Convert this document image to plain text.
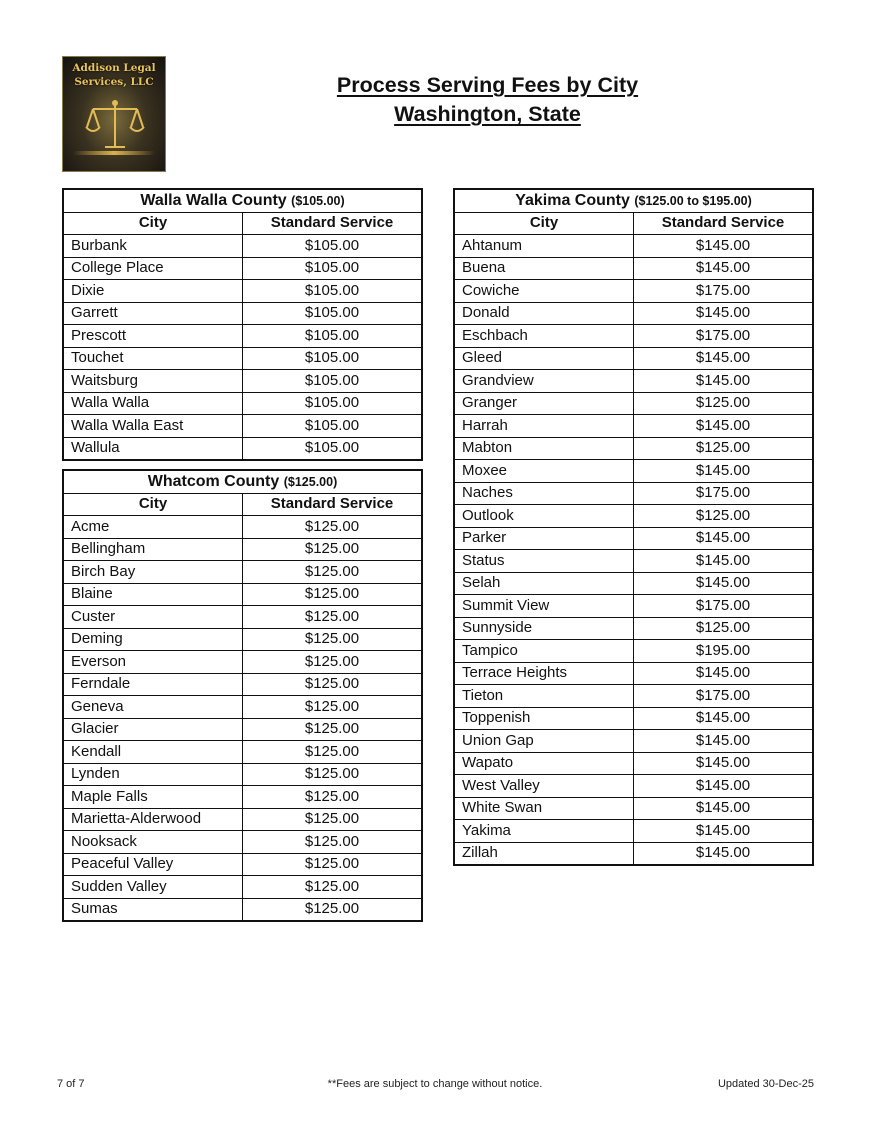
Addison Legal
Services, LLC	Process Serving Fees by City
Washington, State
Walla Walla County ($105.00)	
City	Standard Service
Burbank	$105.00
College Place	$105.00
Dixie	$105.00
Garrett	$105.00
Prescott	$105.00
Touchet	$105.00
Waitsburg	$105.00
Walla Walla	$105.00
Walla Walla East	$105.00
Wallula	$105.00
Whatcom County ($125.00)	
City	Standard Service
Acme	$125.00
Bellingham	$125.00
Birch Bay	$125.00
Blaine	$125.00
Custer	$125.00
Deming	$125.00
Everson	$125.00
Ferndale	$125.00
Geneva	$125.00
Glacier	$125.00
Kendall	$125.00
Lynden	$125.00
Maple Falls	$125.00
Marietta-Alderwood	$125.00
Nooksack	$125.00
Peaceful Valley	$125.00
Sudden Valley	$125.00
Sumas	$125.00
Yakima County ($125.00 to $195.00)	
City	Standard Service
Ahtanum	$145.00
Buena	$145.00
Cowiche	$175.00
Donald	$145.00
Eschbach	$175.00
Gleed	$145.00
Grandview	$145.00
Granger	$125.00
Harrah	$145.00
Mabton	$125.00
Moxee	$145.00
Naches	$175.00
Outlook	$125.00
Parker	$145.00
Status	$145.00
Selah	$145.00
Summit View	$175.00
Sunnyside	$125.00
Tampico	$195.00
Terrace Heights	$145.00
Tieton	$175.00
Toppenish	$145.00
Union Gap	$145.00
Wapato	$145.00
West Valley	$145.00
White Swan	$145.00
Yakima	$145.00
Zillah	$145.00
7 of 7	**Fees are subject to change without notice.	Updated 30-Dec-25
